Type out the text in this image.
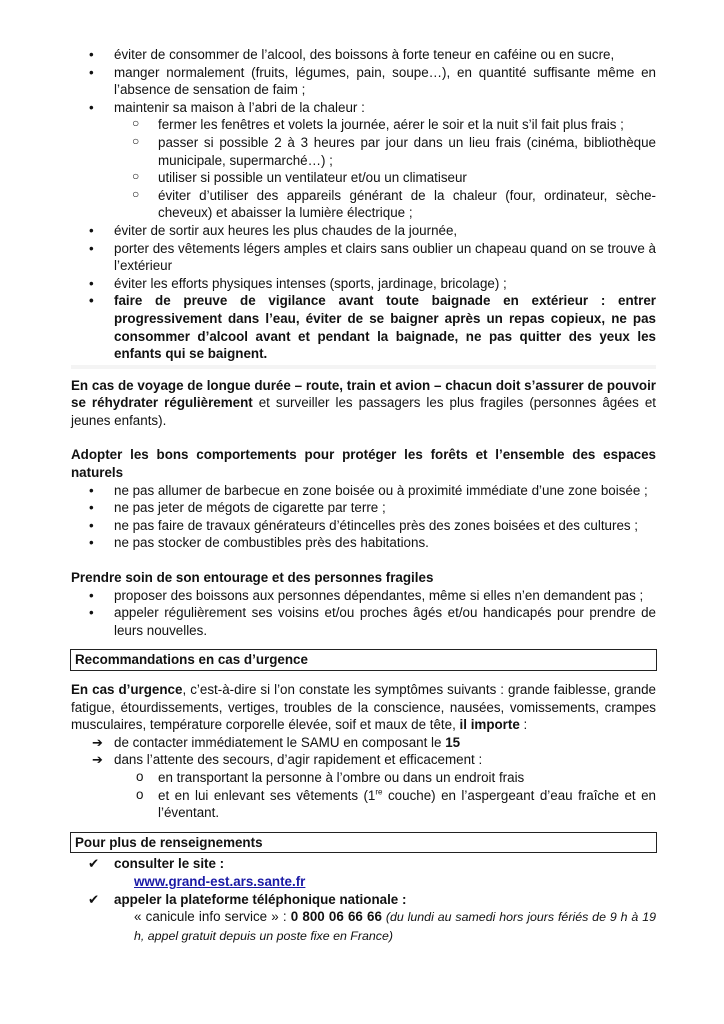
• éviter de consommer de l’alcool, des boissons à forte teneur en caféine ou en sucre,
• manger normalement (fruits, légumes, pain, soupe…), en quantité suffisante même en l’absence de sensation de faim ;
• maintenir sa maison à l’abri de la chaleur :
○ fermer les fenêtres et volets la journée, aérer le soir et la nuit s’il fait plus frais ;
○ passer si possible 2 à 3 heures par jour dans un lieu frais (cinéma, bibliothèque municipale, supermarché…) ;
○ utiliser si possible un ventilateur et/ou un climatiseur
○ éviter d’utiliser des appareils générant de la chaleur (four, ordinateur, sèche-cheveux) et abaisser la lumière électrique ;
• éviter de sortir aux heures les plus chaudes de la journée,
• porter des vêtements légers amples et clairs sans oublier un chapeau quand on se trouve à l’extérieur
• éviter les efforts physiques intenses (sports, jardinage, bricolage) ;
• faire de preuve de vigilance avant toute baignade en extérieur : entrer progressivement dans l’eau, éviter de se baigner après un repas copieux, ne pas consommer d’alcool avant et pendant la baignade, ne pas quitter des yeux les enfants qui se baignent.
En cas de voyage de longue durée – route, train et avion – chacun doit s’assurer de pouvoir se réhydrater régulièrement et surveiller les passagers les plus fragiles (personnes âgées et jeunes enfants).
Adopter les bons comportements pour protéger les forêts et l’ensemble des espaces naturels
• ne pas allumer de barbecue en zone boisée ou à proximité immédiate d’une zone boisée ;
• ne pas jeter de mégots de cigarette par terre ;
• ne pas faire de travaux générateurs d’étincelles près des zones boisées et des cultures ;
• ne pas stocker de combustibles près des habitations.
Prendre soin de son entourage et des personnes fragiles
• proposer des boissons aux personnes dépendantes, même si elles n’en demandent pas ;
• appeler régulièrement ses voisins et/ou proches âgés et/ou handicapés pour prendre de leurs nouvelles.
Recommandations en cas d’urgence
En cas d’urgence, c’est-à-dire si l’on constate les symptômes suivants : grande faiblesse, grande fatigue, étourdissements, vertiges, troubles de la conscience, nausées, vomissements, crampes musculaires, température corporelle élevée, soif et maux de tête, il importe :
➔ de contacter immédiatement le SAMU en composant le 15
➔ dans l’attente des secours, d’agir rapidement et efficacement :
o en transportant la personne à l’ombre ou dans un endroit frais
o et en lui enlevant ses vêtements (1re couche) en l’aspergeant d’eau fraîche et en l’éventant.
Pour plus de renseignements
✔ consulter le site :
www.grand-est.ars.sante.fr
✔ appeler la plateforme téléphonique nationale :
« canicule info service » : 0 800 06 66 66 (du lundi au samedi hors jours fériés de 9 h à 19 h, appel gratuit depuis un poste fixe en France)
